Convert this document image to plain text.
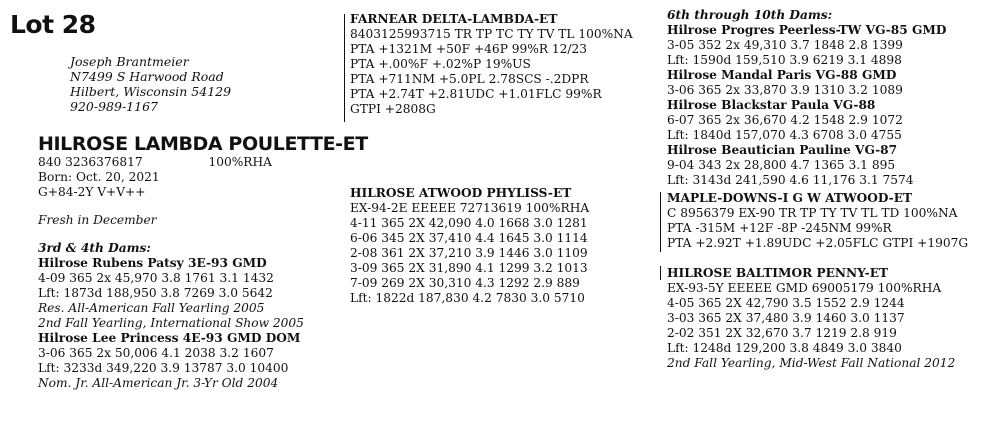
Lot 28
Joseph Brantmeier
N7499 S Harwood Road
Hilbert, Wisconsin 54129
920-989-1167
HILROSE LAMBDA POULETTE-ET
840 3236376817	100%RHA
Born: Oct. 20, 2021
G+84-2Y V+V++
Fresh in December
3rd & 4th Dams:
Hilrose Rubens Patsy 3E-93 GMD
4-09 365 2x 45,970 3.8 1761 3.1 1432
Lft: 1873d 188,950 3.8 7269 3.0 5642
Res. All-American Fall Yearling 2005
2nd Fall Yearling, International Show 2005
Hilrose Lee Princess 4E-93 GMD DOM
3-06 365 2x 50,006 4.1 2038 3.2 1607
Lft: 3233d 349,220 3.9 13787 3.0 10400
Nom. Jr. All-American Jr. 3-Yr Old 2004
FARNEAR DELTA-LAMBDA-ET
8403125993715 TR TP TC TY TV TL 100%NA
PTA +1321M +50F +46P 99%R 12/23
PTA +.00%F +.02%P 19%US
PTA +711NM +5.0PL 2.78SCS -.2DPR
PTA +2.74T +2.81UDC +1.01FLC 99%R
GTPI +2808G
HILROSE ATWOOD PHYLISS-ET
EX-94-2E EEEEE 72713619 100%RHA
4-11 365 2X 42,090 4.0 1668 3.0 1281
6-06 345 2X 37,410 4.4 1645 3.0 1114
2-08 361 2X 37,210 3.9 1446 3.0 1109
3-09 365 2X 31,890 4.1 1299 3.2 1013
7-09 269 2X 30,310 4.3 1292 2.9 889
Lft: 1822d 187,830 4.2 7830 3.0 5710
6th through 10th Dams:
Hilrose Progres Peerless-TW VG-85 GMD
3-05 352 2x 49,310 3.7 1848 2.8 1399
Lft: 1590d 159,510 3.9 6219 3.1 4898
Hilrose Mandal Paris VG-88 GMD
3-06 365 2x 33,870 3.9 1310 3.2 1089
Hilrose Blackstar Paula VG-88
6-07 365 2x 36,670 4.2 1548 2.9 1072
Lft: 1840d 157,070 4.3 6708 3.0 4755
Hilrose Beautician Pauline VG-87
9-04 343 2x 28,800 4.7 1365 3.1 895
Lft: 3143d 241,590 4.6 11,176 3.1 7574
MAPLE-DOWNS-I G W ATWOOD-ET
C 8956379 EX-90 TR TP TY TV TL TD 100%NA
PTA -315M +12F -8P -245NM 99%R
PTA +2.92T +1.89UDC +2.05FLC GTPI +1907G
HILROSE BALTIMOR PENNY-ET
EX-93-5Y EEEEE GMD 69005179 100%RHA
4-05 365 2X 42,790 3.5 1552 2.9 1244
3-03 365 2X 37,480 3.9 1460 3.0 1137
2-02 351 2X 32,670 3.7 1219 2.8 919
Lft: 1248d 129,200 3.8 4849 3.0 3840
2nd Fall Yearling, Mid-West Fall National 2012
